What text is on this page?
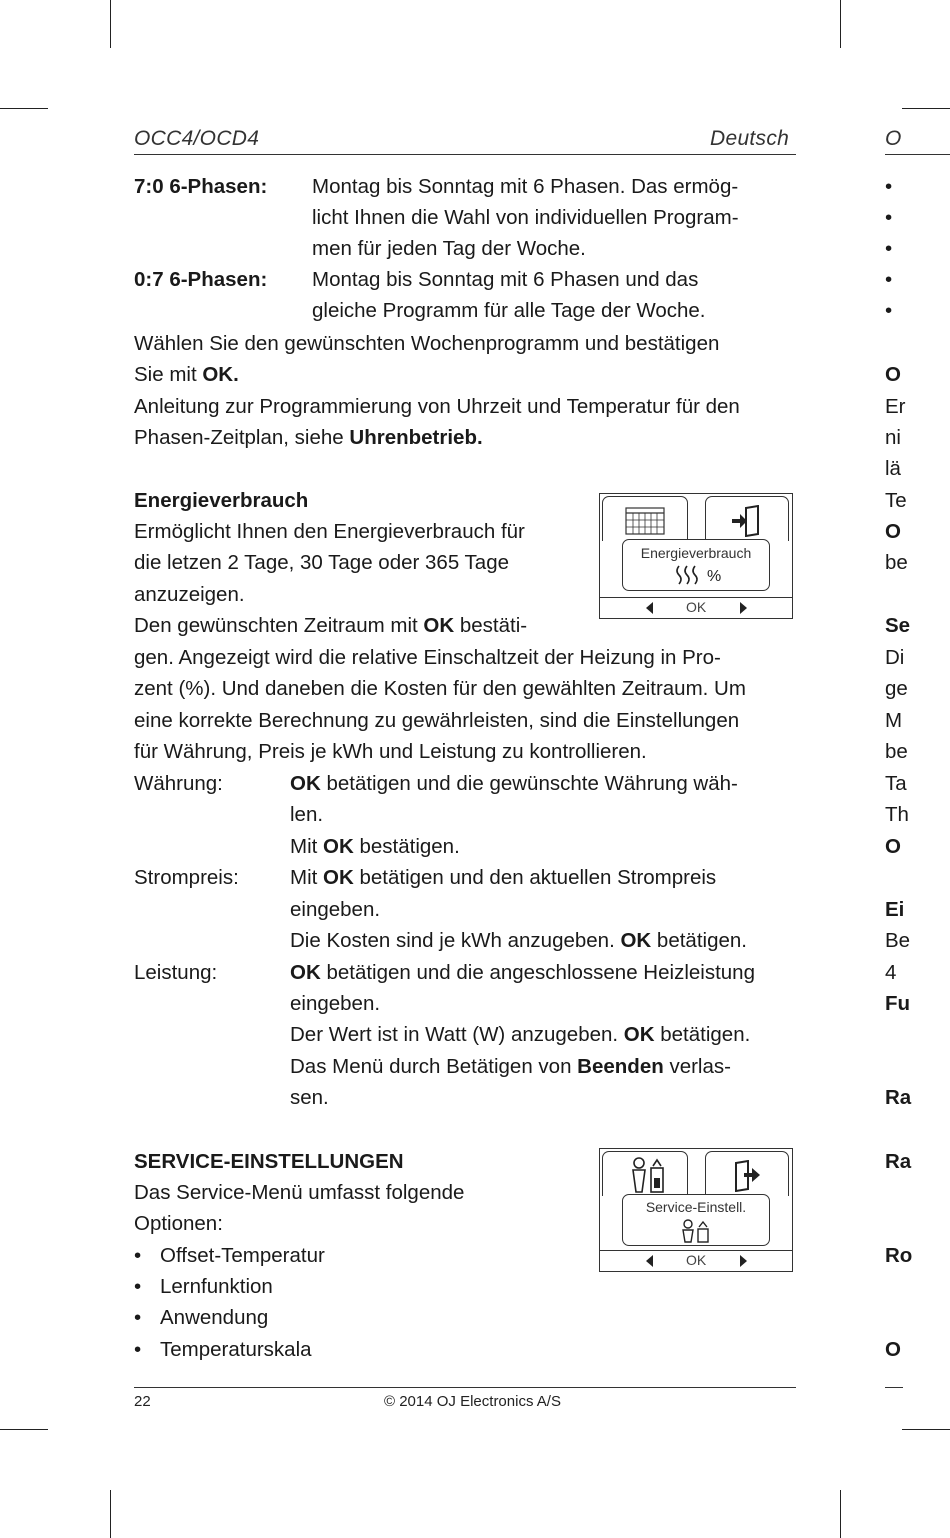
OCC4/OCD4	Deutsch	O
7:0 6-Phasen: Montag bis Sonntag mit 6 Phasen. Das ermög-
licht Ihnen die Wahl von individuellen Program-
men für jeden Tag der Woche.
0:7 6-Phasen: Montag bis Sonntag mit 6 Phasen und das
gleiche Programm für alle Tage der Woche.
Wählen Sie den gewünschten Wochenprogramm und bestätigen
Sie mit OK.
Anleitung zur Programmierung von Uhrzeit und Temperatur für den
Phasen-Zeitplan, siehe Uhrenbetrieb.
Energieverbrauch
Ermöglicht Ihnen den Energieverbrauch für
die letzen 2 Tage, 30 Tage oder 365 Tage
anzuzeigen.
Den gewünschten Zeitraum mit OK bestäti-
gen. Angezeigt wird die relative Einschaltzeit der Heizung in Pro-
zent (%). Und daneben die Kosten für den gewählten Zeitraum. Um
eine korrekte Berechnung zu gewährleisten, sind die Einstellungen
für Währung, Preis je kWh und Leistung zu kontrollieren.
Energieverbrauch
%
OK
Währung:	OK betätigen und die gewünschte Währung wäh-
len.
Mit OK bestätigen.
Strompreis: Mit OK betätigen und den aktuellen Strompreis
eingeben.
Die Kosten sind je kWh anzugeben. OK betätigen.
Leistung:	OK betätigen und die angeschlossene Heizleistung
eingeben.
Der Wert ist in Watt (W) anzugeben. OK betätigen.
Das Menü durch Betätigen von Beenden verlas-
sen.
SERVICE-EINSTELLUNGEN
Das Service-Menü umfasst folgende
Optionen:
• Offset-Temperatur
• Lernfunktion
• Anwendung
• Temperaturskala
Service-Einstell.
OK
•
•
•
•
•
O
Er
ni
lä
Te
O
be
Se
Di
ge
M
be
Ta
Th
O
Ei
Be
4
Fu
Ra
Ra
Ro
O
22	© 2014 OJ Electronics A/S
